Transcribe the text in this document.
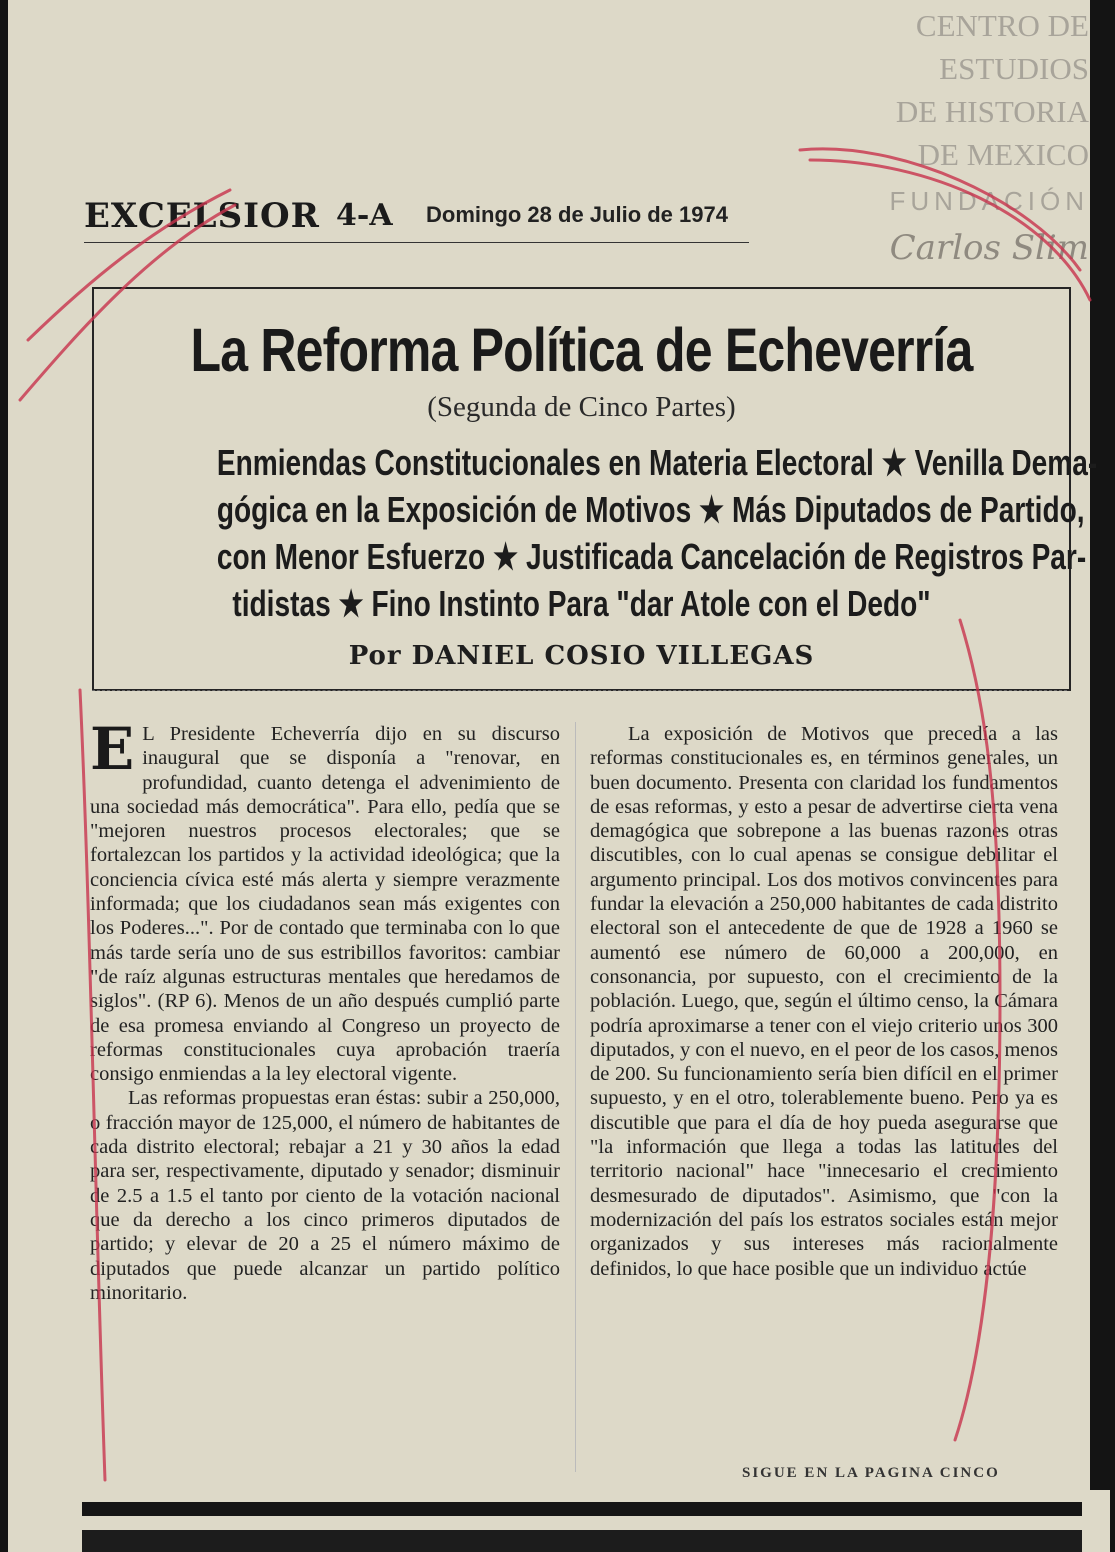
CENTRO DE
ESTUDIOS
DE HISTORIA
DE MEXICO
FUNDACIÓN
Carlos Slim
EXCELSIOR 4-A Domingo 28 de Julio de 1974
La Reforma Política de Echeverría
(Segunda de Cinco Partes)
Enmiendas Constitucionales en Materia Electoral ★ Venilla Dema-
gógica en la Exposición de Motivos ★ Más Diputados de Partido,
con Menor Esfuerzo ★ Justificada Cancelación de Registros Par-
tidistas ★ Fino Instinto Para "dar Atole con el Dedo"
Por DANIEL COSIO VILLEGAS

E L Presidente Echeverría dijo en su discurso inaugural que se disponía a "renovar, en profundidad, cuanto detenga el advenimiento de una sociedad más democrática". Para ello, pedía que se "mejoren nuestros procesos electorales; que se fortalezcan los partidos y la actividad ideológica; que la conciencia cívica esté más alerta y siempre verazmente informada; que los ciudadanos sean más exigentes con los Poderes...". Por de contado que terminaba con lo que más tarde sería uno de sus estribillos favoritos: cambiar "de raíz algunas estructuras mentales que heredamos de siglos". (RP 6). Menos de un año después cumplió parte de esa promesa enviando al Congreso un proyecto de reformas constitucionales cuya aprobación traería consigo enmiendas a la ley electoral vigente.

Las reformas propuestas eran éstas: subir a 250,000, o fracción mayor de 125,000, el número de habitantes de cada distrito electoral; rebajar a 21 y 30 años la edad para ser, respectivamente, diputado y senador; disminuir de 2.5 a 1.5 el tanto por ciento de la votación nacional que da derecho a los cinco primeros diputados de partido; y elevar de 20 a 25 el número máximo de diputados que puede alcanzar un partido político minoritario.

La exposición de Motivos que precedía a las reformas constitucionales es, en términos generales, un buen documento. Presenta con claridad los fundamentos de esas reformas, y esto a pesar de advertirse cierta vena demagógica que sobrepone a las buenas razones otras discutibles, con lo cual apenas se consigue debilitar el argumento principal. Los dos motivos convincentes para fundar la elevación a 250,000 habitantes de cada distrito electoral son el antecedente de que de 1928 a 1960 se aumentó ese número de 60,000 a 200,000, en consonancia, por supuesto, con el crecimiento de la población. Luego, que, según el último censo, la Cámara podría aproximarse a tener con el viejo criterio unos 300 diputados, y con el nuevo, en el peor de los casos, menos de 200. Su funcionamiento sería bien difícil en el primer supuesto, y en el otro, tolerablemente bueno. Pero ya es discutible que para el día de hoy pueda asegurarse que "la información que llega a todas las latitudes del territorio nacional" hace "innecesario el crecimiento desmesurado de diputados". Asimismo, que "con la modernización del país los estratos sociales están mejor organizados y sus intereses más racionalmente definidos, lo que hace posible que un individuo actúe

SIGUE EN LA PAGINA CINCO
